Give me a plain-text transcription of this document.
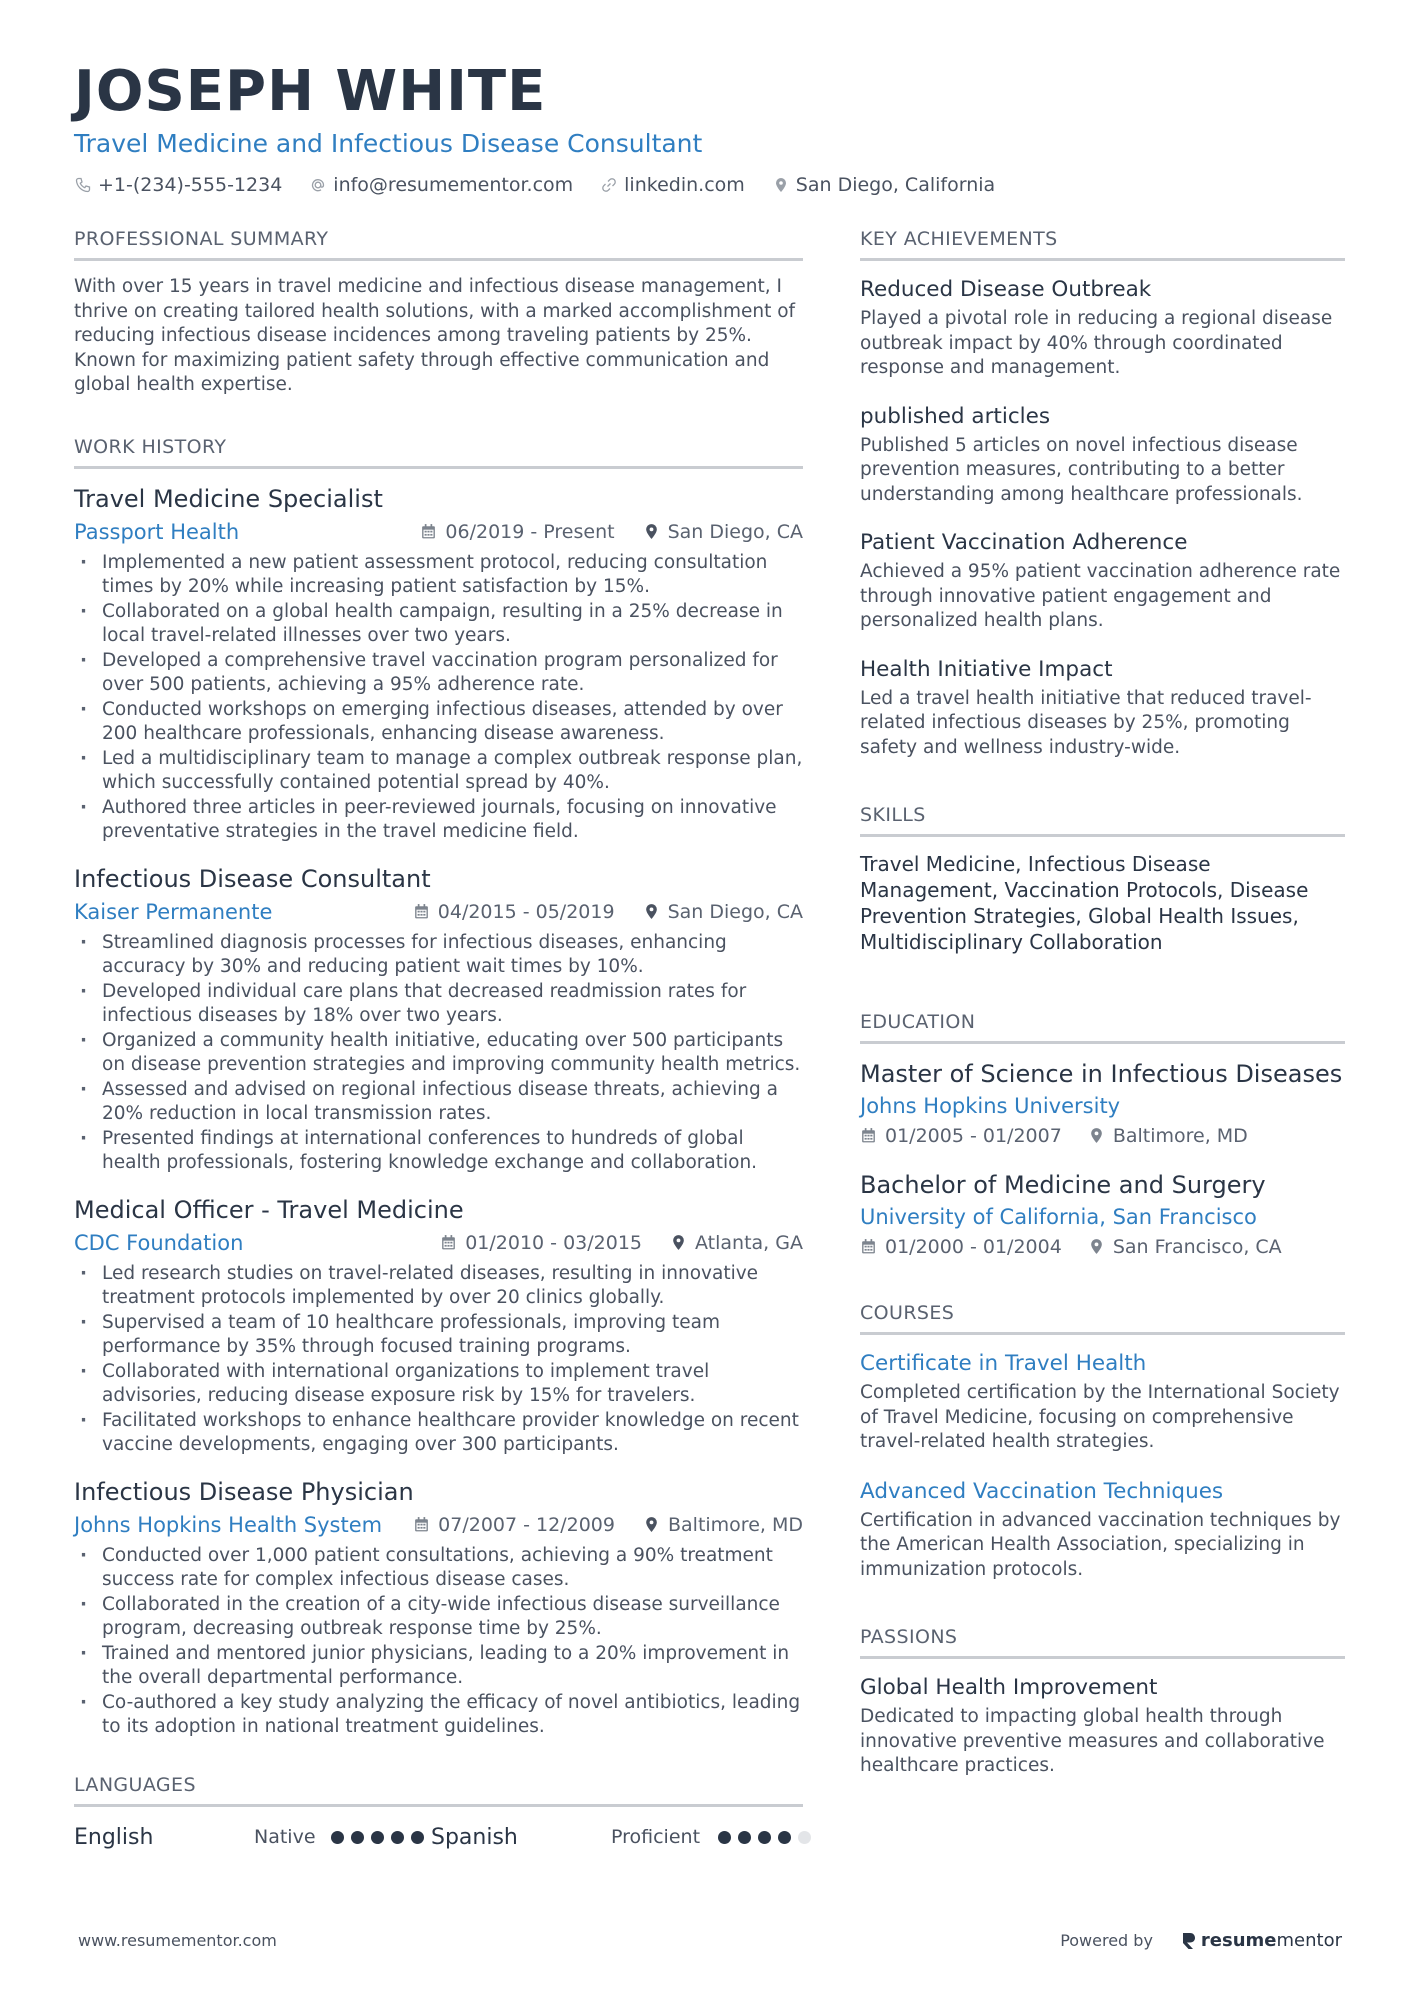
JOSEPH WHITE
Travel Medicine and Infectious Disease Consultant
+1-(234)-555-1234	info@resumementor.com	linkedin.com	San Diego, California
PROFESSIONAL SUMMARY
With over 15 years in travel medicine and infectious disease management, I thrive on creating tailored health solutions, with a marked accomplishment of reducing infectious disease incidences among traveling patients by 25%. Known for maximizing patient safety through effective communication and global health expertise.
WORK HISTORY
Travel Medicine Specialist
Passport Health	06/2019 - Present	San Diego, CA
· Implemented a new patient assessment protocol, reducing consultation times by 20% while increasing patient satisfaction by 15%.
· Collaborated on a global health campaign, resulting in a 25% decrease in local travel-related illnesses over two years.
· Developed a comprehensive travel vaccination program personalized for over 500 patients, achieving a 95% adherence rate.
· Conducted workshops on emerging infectious diseases, attended by over 200 healthcare professionals, enhancing disease awareness.
· Led a multidisciplinary team to manage a complex outbreak response plan, which successfully contained potential spread by 40%.
· Authored three articles in peer-reviewed journals, focusing on innovative preventative strategies in the travel medicine field.
Infectious Disease Consultant
Kaiser Permanente	04/2015 - 05/2019	San Diego, CA
· Streamlined diagnosis processes for infectious diseases, enhancing accuracy by 30% and reducing patient wait times by 10%.
· Developed individual care plans that decreased readmission rates for infectious diseases by 18% over two years.
· Organized a community health initiative, educating over 500 participants on disease prevention strategies and improving community health metrics.
· Assessed and advised on regional infectious disease threats, achieving a 20% reduction in local transmission rates.
· Presented findings at international conferences to hundreds of global health professionals, fostering knowledge exchange and collaboration.
Medical Officer - Travel Medicine
CDC Foundation	01/2010 - 03/2015	Atlanta, GA
· Led research studies on travel-related diseases, resulting in innovative treatment protocols implemented by over 20 clinics globally.
· Supervised a team of 10 healthcare professionals, improving team performance by 35% through focused training programs.
· Collaborated with international organizations to implement travel advisories, reducing disease exposure risk by 15% for travelers.
· Facilitated workshops to enhance healthcare provider knowledge on recent vaccine developments, engaging over 300 participants.
Infectious Disease Physician
Johns Hopkins Health System	07/2007 - 12/2009	Baltimore, MD
· Conducted over 1,000 patient consultations, achieving a 90% treatment success rate for complex infectious disease cases.
· Collaborated in the creation of a city-wide infectious disease surveillance program, decreasing outbreak response time by 25%.
· Trained and mentored junior physicians, leading to a 20% improvement in the overall departmental performance.
· Co-authored a key study analyzing the efficacy of novel antibiotics, leading to its adoption in national treatment guidelines.
LANGUAGES
English	Native	Spanish	Proficient
KEY ACHIEVEMENTS
Reduced Disease Outbreak
Played a pivotal role in reducing a regional disease outbreak impact by 40% through coordinated response and management.
published articles
Published 5 articles on novel infectious disease prevention measures, contributing to a better understanding among healthcare professionals.
Patient Vaccination Adherence
Achieved a 95% patient vaccination adherence rate through innovative patient engagement and personalized health plans.
Health Initiative Impact
Led a travel health initiative that reduced travel-related infectious diseases by 25%, promoting safety and wellness industry-wide.
SKILLS
Travel Medicine, Infectious Disease Management, Vaccination Protocols, Disease Prevention Strategies, Global Health Issues, Multidisciplinary Collaboration
EDUCATION
Master of Science in Infectious Diseases
Johns Hopkins University
01/2005 - 01/2007	Baltimore, MD
Bachelor of Medicine and Surgery
University of California, San Francisco
01/2000 - 01/2004	San Francisco, CA
COURSES
Certificate in Travel Health
Completed certification by the International Society of Travel Medicine, focusing on comprehensive travel-related health strategies.
Advanced Vaccination Techniques
Certification in advanced vaccination techniques by the American Health Association, specializing in immunization protocols.
PASSIONS
Global Health Improvement
Dedicated to impacting global health through innovative preventive measures and collaborative healthcare practices.
www.resumementor.com	Powered by	resume mentor
